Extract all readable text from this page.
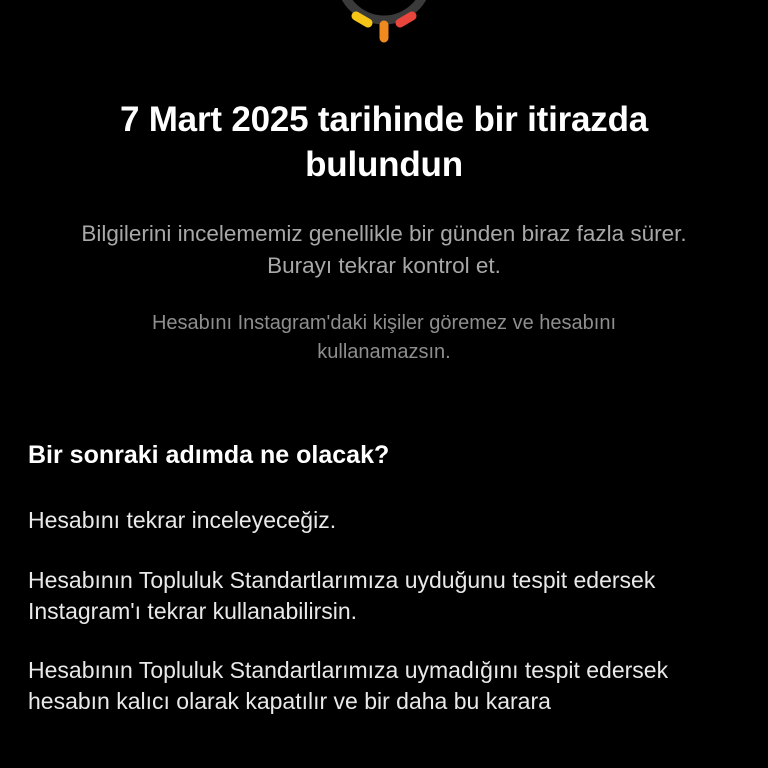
7 Mart 2025 tarihinde bir itirazda bulundun

Bilgilerini incelememiz genellikle bir günden biraz fazla sürer. Burayı tekrar kontrol et.

Hesabını Instagram'daki kişiler göremez ve hesabını kullanamazsın.

Bir sonraki adımda ne olacak?

Hesabını tekrar inceleyeceğiz.

Hesabının Topluluk Standartlarımıza uyduğunu tespit edersek Instagram'ı tekrar kullanabilirsin.

Hesabının Topluluk Standartlarımıza uymadığını tespit edersek hesabın kalıcı olarak kapatılır ve bir daha bu karara
